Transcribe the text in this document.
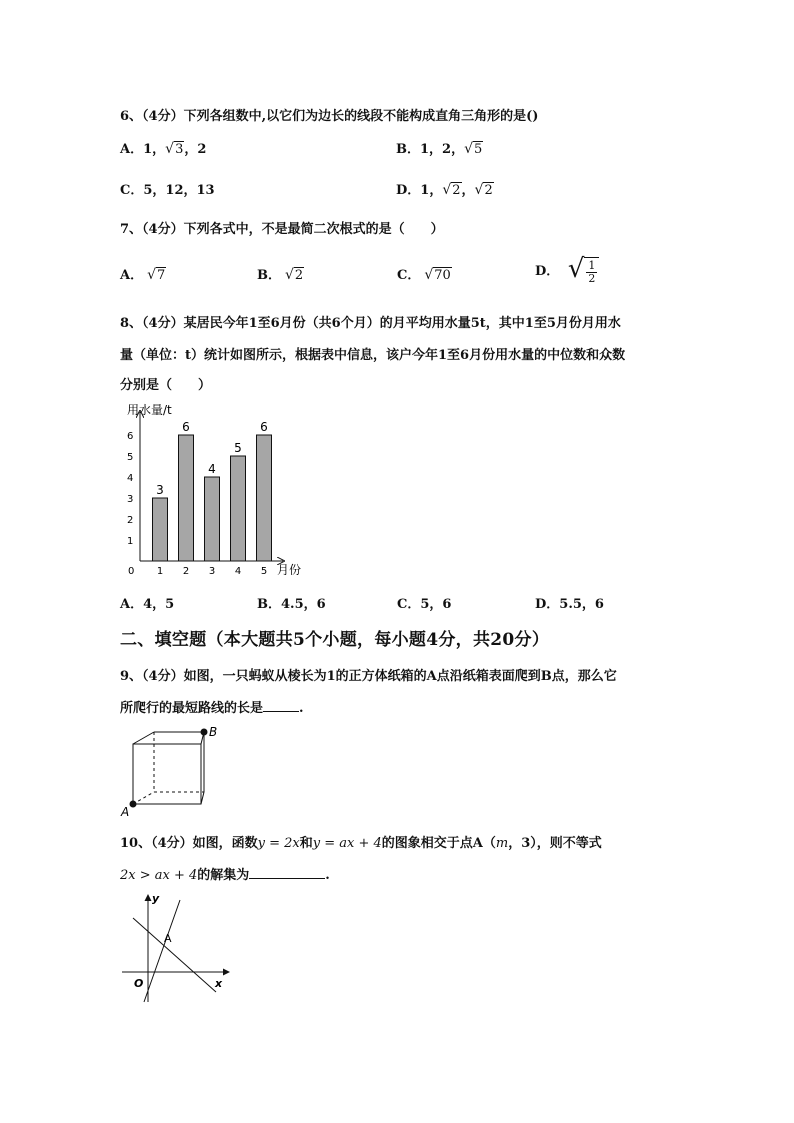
6、（4分）下列各组数中,以它们为边长的线段不能构成直角三角形的是()
A．1，√3，2	B．1，2，√5
C．5，12，13	D．1，√2，√2
7、（4分）下列各式中，不是最简二次根式的是（　　）
A． √7	B． √2	C． √70	D． √ $\frac{1}{2}$
8、（4分）某居民今年1至6月份（共6个月）的月平均用水量5t，其中1至5月份月用水
量（单位：t）统计如图所示，根据表中信息，该户今年1至6月份用水量的中位数和众数
分别是（　　）
用水量/t
月份
0
1
2
3
4
5
6
3
1
6
2
4
3
5
4
6
5
A．4，5	B．4.5，6	C．5，6	D．5.5，6
二、填空题（本大题共5个小题，每小题4分，共20分）
9、（4分）如图，一只蚂蚁从棱长为1的正方体纸箱的A点沿纸箱表面爬到B点，那么它
所爬行的最短路线的长是	.
B
A
10、（4分）如图，函数y = 2x和y = ax + 4的图象相交于点A（m，3），则不等式
2x > ax + 4的解集为	.
y
x
O
A
